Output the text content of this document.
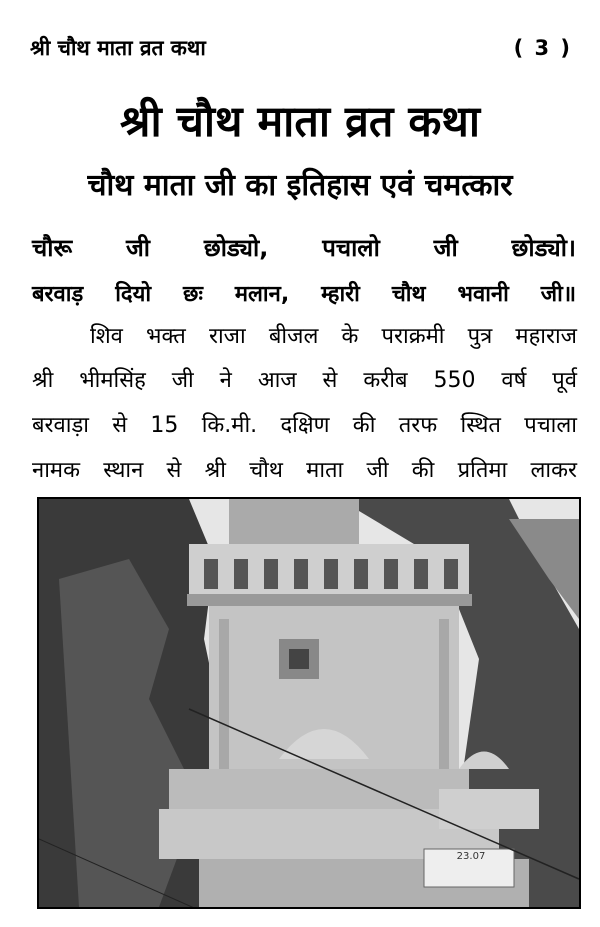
श्री चौथ माता व्रत कथा	( 3 )
श्री चौथ माता व्रत कथा
चौथ माता जी का इतिहास एवं चमत्कार
चौरू जी छोड्यो, पचालो जी छोड्यो।
बरवाड़ दियो छः मलान, म्हारी चौथ भवानी जी॥
शिव भक्त राजा बीजल के पराक्रमी पुत्र महाराज
श्री भीमसिंह जी ने आज से करीब 550 वर्ष पूर्व
बरवाड़ा से 15 कि.मी. दक्षिण की तरफ स्थित पचाला
नामक स्थान से श्री चौथ माता जी की प्रतिमा लाकर
23.07
